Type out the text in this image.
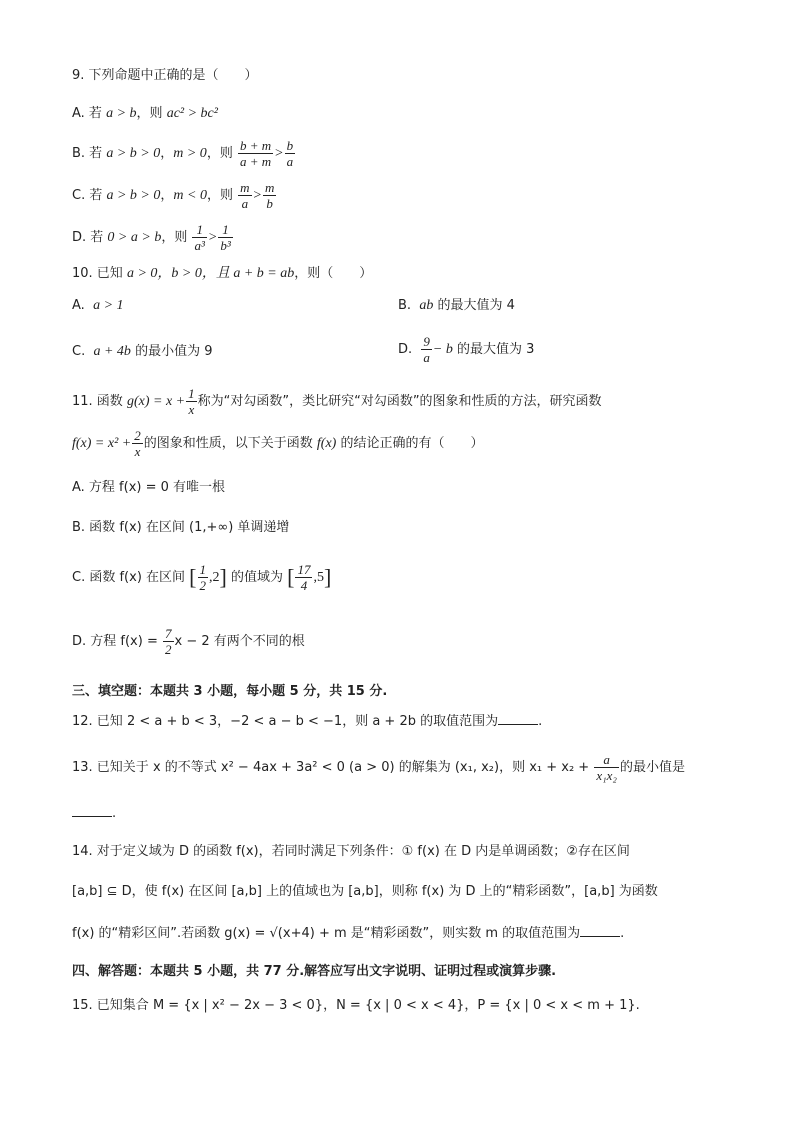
9. 下列命题中正确的是（　　）
A. 若 a > b，则 ac² > bc²
B. 若 a > b > 0，m > 0，则 $\frac{b + m}{a + m} > \frac{b}{a}$
C. 若 a > b > 0，m < 0，则 $\frac{m}{a} > \frac{m}{b}$
D. 若 0 > a > b，则 $\frac{1}{\text{a³}} > \frac{1}{\text{b³}}$
10. 已知 a > 0，b > 0，且 a + b = ab，则（　　）
A. a > 1	B. ab 的最大值为 4
C. a + 4b 的最小值为 9	D. $\frac{9}{a} - b$ 的最大值为 3
11. 函数 $g(x) = x + \frac{1}{x}$ 称为“对勾函数”，类比研究“对勾函数”的图象和性质的方法，研究函数
$f(x) = x^2 + \frac{2}{x}$ 的图象和性质，以下关于函数 f(x) 的结论正确的有（　　）
A. 方程 f(x) = 0 有唯一根
B. 函数 f(x) 在区间 (1,+∞) 单调递增
C. 函数 f(x) 在区间 [ $\frac{1}{2} ,2$] 的值域为 [ $\frac{17}{4} ,5$]
D. 方程 $f(x) = \frac{7}{2}$ x − 2 有两个不同的根
三、填空题：本题共 3 小题，每小题 5 分，共 15 分.
12. 已知 2 < a + b < 3，−2 < a − b < −1，则 a + 2b 的取值范围为	.
13. 已知关于 x 的不等式 x² − 4ax + 3a² < 0 (a > 0) 的解集为 (x₁, x₂)，则 $x_1 + x_2 + \frac{a}{\text{x₁x₂}}$ 的最小值是
.
14. 对于定义域为 D 的函数 f(x)，若同时满足下列条件：① f(x) 在 D 内是单调函数；②存在区间
[a,b] ⊆ D，使 f(x) 在区间 [a,b] 上的值域也为 [a,b]，则称 f(x) 为 D 上的“精彩函数”，[a,b] 为函数
f(x) 的“精彩区间”.若函数 g(x) = √(x+4) + m 是“精彩函数”，则实数 m 的取值范围为	.
四、解答题：本题共 5 小题，共 77 分.解答应写出文字说明、证明过程或演算步骤.
15. 已知集合 M = {x | x² − 2x − 3 < 0}，N = {x | 0 < x < 4}，P = {x | 0 < x < m + 1}.
